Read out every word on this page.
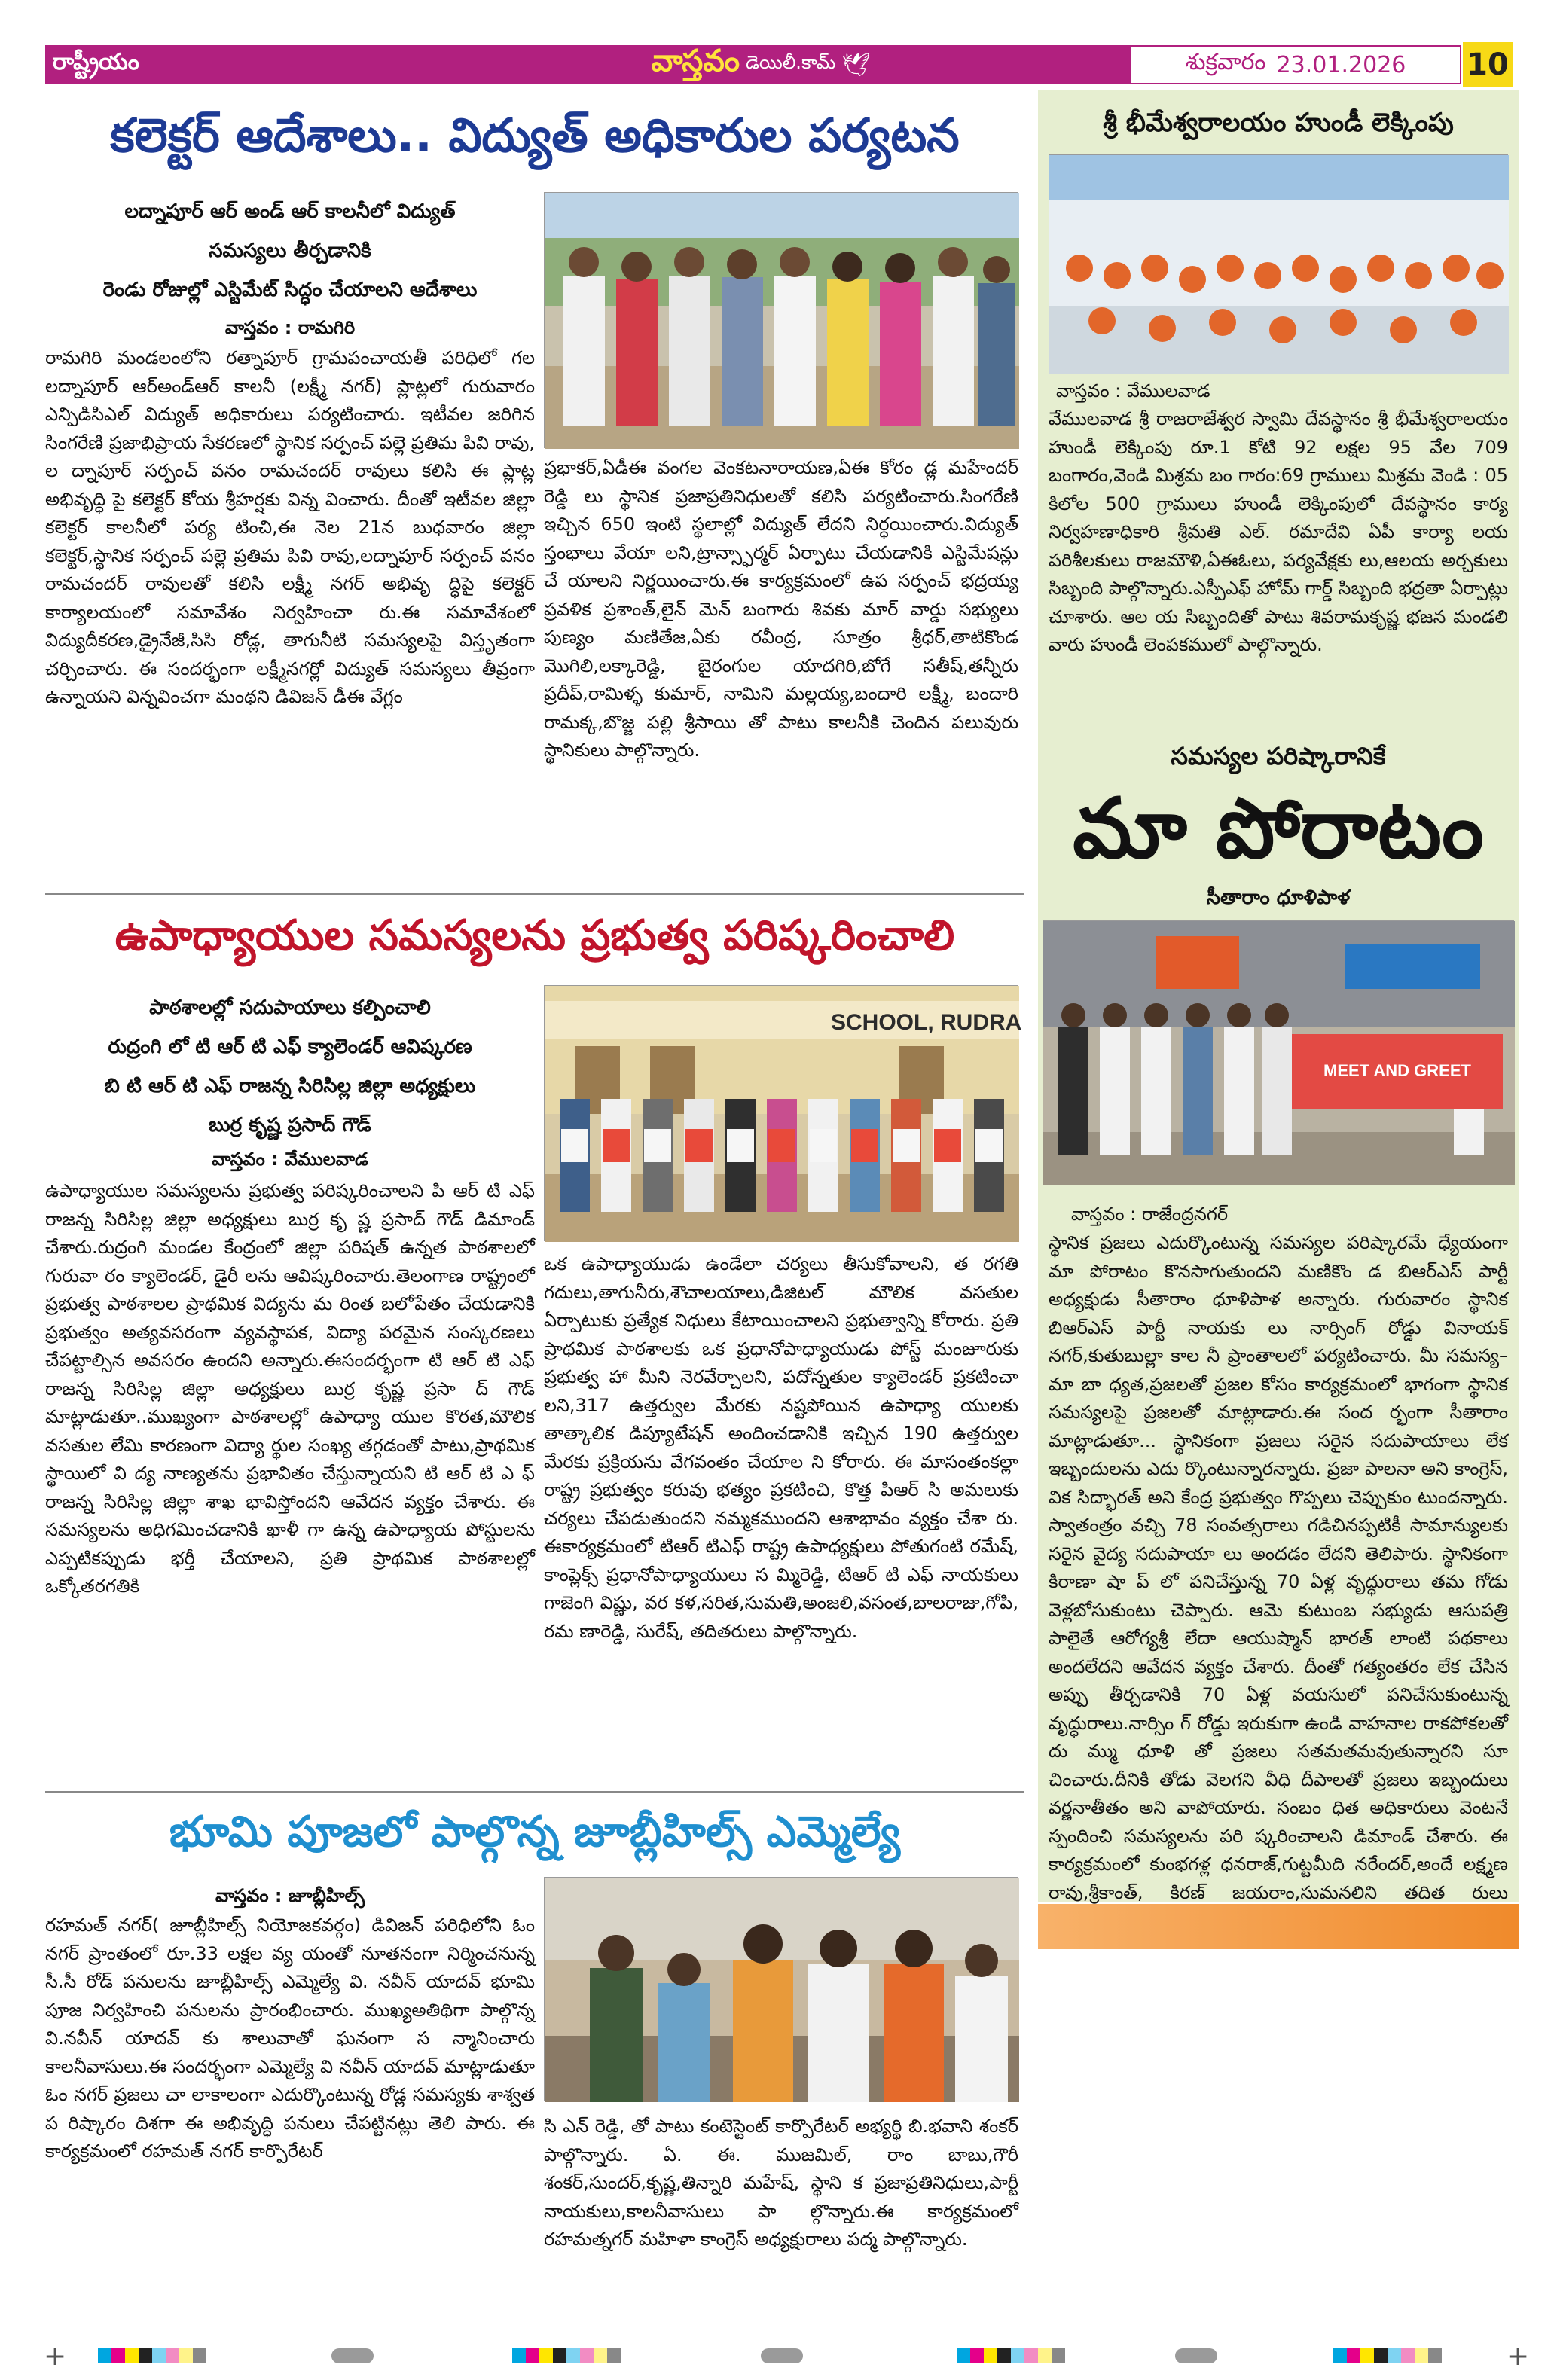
రాష్ట్రీయం	వాస్తవం డెయిలీ.కామ్ 🕊	శుక్రవారం 23.01.2026 10
కలెక్టర్ ఆదేశాలు.. విద్యుత్ అధికారుల పర్యటన
లద్నాపూర్ ఆర్ అండ్ ఆర్ కాలనీలో విద్యుత్
సమస్యలు తీర్చడానికి
రెండు రోజుల్లో ఎస్టిమేట్ సిద్ధం చేయాలని ఆదేశాలు
వాస్తవం : రామగిరి
రామగిరి మండలంలోని రత్నాపూర్ గ్రామపంచాయతీ పరిధిలో గల లద్నాపూర్ ఆర్అండ్ఆర్ కాలనీ (లక్ష్మీ నగర్) ప్లాట్లలో గురువారం ఎన్పిడిసిఎల్ విద్యుత్ అధికారులు పర్యటించారు. ఇటీవల జరిగిన సింగరేణి ప్రజాభిప్రాయ సేకరణలో స్థానిక సర్పంచ్ పల్లె ప్రతిమ పివి రావు, ల ద్నాపూర్ సర్పంచ్ వనం రామచందర్ రావులు కలిసి ఈ ప్లాట్ల అభివృద్ధి పై కలెక్టర్ కోయ శ్రీహర్షకు విన్న వించారు. దీంతో ఇటీవల జిల్లా కలెక్టర్ కాలనీలో పర్య టించి,ఈ నెల 21న బుధవారం జిల్లా కలెక్టర్,స్థానిక సర్పంచ్ పల్లె ప్రతిమ పివి రావు,లద్నాపూర్ సర్పంచ్ వనం రామచందర్ రావులతో కలిసి లక్ష్మీ నగర్ అభివృ ద్ధిపై కలెక్టర్ కార్యాలయంలో సమావేశం నిర్వహించా రు.ఈ సమావేశంలో విద్యుదీకరణ,డ్రైనేజీ,సిసి రోడ్ల, తాగునీటి సమస్యలపై విస్తృతంగా చర్చించారు. ఈ సందర్భంగా లక్ష్మీనగర్లో విద్యుత్ సమస్యలు తీవ్రంగా ఉన్నాయని విన్నవించగా మంథని డివిజన్ డీఈ వేగ్లం
ప్రభాకర్,ఏడీఈ వంగల వెంకటనారాయణ,ఏఈ కోరం డ్ల మహేందర్ రెడ్డి లు స్థానిక ప్రజాప్రతినిధులతో కలిసి పర్యటించారు.సింగరేణి ఇచ్చిన 650 ఇంటి స్థలాల్లో విద్యుత్ లేదని నిర్ధయించారు.విద్యుత్ స్తంభాలు వేయా లని,ట్రాన్స్ఫార్మర్ ఏర్పాటు చేయడానికి ఎస్టిమేషన్లు చే యాలని నిర్ణయించారు.ఈ కార్యక్రమంలో ఉప సర్పంచ్ భద్రయ్య ప్రవళిక ప్రశాంత్,లైన్ మెన్ బంగారు శివకు మార్ వార్డు సభ్యులు పుణ్యం మణితేజ,ఏకు రవీంద్ర, సూత్రం శ్రీధర్,తాటికొండ మొగిలి,లక్కారెడ్డి, బైరంగుల యాదగిరి,బోగే సతీష్,తన్నీరు ప్రదీప్,రామిళ్ళ కుమార్, నామిని మల్లయ్య,బందారి లక్ష్మీ, బందారి రామక్క,బొజ్జ పల్లి శ్రీసాయి తో పాటు కాలనీకి చెందిన పలువురు స్థానికులు పాల్గొన్నారు.
ఉపాధ్యాయుల సమస్యలను ప్రభుత్వ పరిష్కరించాలి
పాఠశాలల్లో సదుపాయాలు కల్పించాలి
రుద్రంగి లో టి ఆర్ టి ఎఫ్ క్యాలెండర్ ఆవిష్కరణ
బి టి ఆర్ టి ఎఫ్ రాజన్న సిరిసిల్ల జిల్లా అధ్యక్షులు
బుర్ర కృష్ణ ప్రసాద్ గౌడ్
వాస్తవం : వేములవాడ
ఉపాధ్యాయుల సమస్యలను ప్రభుత్వ పరిష్కరించాలని పి ఆర్ టి ఎఫ్ రాజన్న సిరిసిల్ల జిల్లా అధ్యక్షులు బుర్ర కృ ష్ణ ప్రసాద్ గౌడ్ డిమాండ్ చేశారు.రుద్రంగి మండల కేంద్రంలో జిల్లా పరిషత్ ఉన్నత పాఠశాలలో గురువా రం క్యాలెండర్, డైరీ లను ఆవిష్కరించారు.తెలంగాణ రాష్ట్రంలో ప్రభుత్వ పాఠశాలల ప్రాథమిక విద్యను మ రింత బలోపేతం చేయడానికి ప్రభుత్వం అత్యవసరంగా వ్యవస్థాపక, విద్యా పరమైన సంస్కరణలు చేపట్టాల్సిన అవసరం ఉందని అన్నారు.ఈసందర్భంగా టి ఆర్ టి ఎఫ్ రాజన్న సిరిసిల్ల జిల్లా అధ్యక్షులు బుర్ర కృష్ణ ప్రసా ద్ గౌడ్ మాట్లాడుతూ..ముఖ్యంగా పాఠశాలల్లో ఉపాధ్యా యుల కొరత,మౌలిక వసతుల లేమి కారణంగా విద్యా ర్థుల సంఖ్య తగ్గడంతో పాటు,ప్రాథమిక స్థాయిలో వి ద్య నాణ్యతను ప్రభావితం చేస్తున్నాయని టి ఆర్ టి ఎ ఫ్ రాజన్న సిరిసిల్ల జిల్లా శాఖ భావిస్తోందని ఆవేదన వ్యక్తం చేశారు. ఈ సమస్యలను అధిగమించడానికి ఖాళీ గా ఉన్న ఉపాధ్యాయ పోస్టులను ఎప్పటికప్పుడు భర్తీ చేయాలని, ప్రతి ప్రాథమిక పాఠశాలల్లో ఒక్కోతరగతికి
SCHOOL, RUDRA
ఒక ఉపాధ్యాయుడు ఉండేలా చర్యలు తీసుకోవాలని, త రగతి గదులు,తాగునీరు,శౌచాలయాలు,డిజిటల్ మౌలిక వసతుల ఏర్పాటుకు ప్రత్యేక నిధులు కేటాయించాలని ప్రభుత్వాన్ని కోరారు. ప్రతి ప్రాథమిక పాఠశాలకు ఒక ప్రధానోపాధ్యాయుడు పోస్ట్ మంజూరుకు ప్రభుత్వ హా మీని నెరవేర్చాలని, పదోన్నతుల క్యాలెండర్ ప్రకటించా లని,317 ఉత్తర్వుల మేరకు నష్టపోయిన ఉపాధ్యా యులకు తాత్కాలిక డిప్యూటేషన్ అందించడానికి ఇచ్చిన 190 ఉత్తర్వుల మేరకు ప్రక్రియను వేగవంతం చేయాల ని కోరారు. ఈ మాసంతంకల్లా రాష్ట్ర ప్రభుత్వం కరువు భత్యం ప్రకటించి, కొత్త పిఆర్ సి అమలుకు చర్యలు చేపడుతుందని నమ్మకముందని ఆశాభావం వ్యక్తం చేశా రు. ఈకార్యక్రమంలో టిఆర్ టిఎఫ్ రాష్ట్ర ఉపాధ్యక్షులు పోతుగంటి రమేష్, కాంప్లెక్స్ ప్రధానోపాధ్యాయులు స మ్మిరెడ్డి, టిఆర్ టి ఎఫ్ నాయకులు గాజెంగి విష్ణు, వర కళ,సరిత,సుమతి,అంజలి,వసంత,బాలరాజు,గోపి, రమ ణారెడ్డి, సురేష్, తదితరులు పాల్గొన్నారు.
భూమి పూజలో పాల్గొన్న జూబ్లీహిల్స్ ఎమ్మెల్యే
వాస్తవం : జూబ్లీహిల్స్
రహమత్ నగర్( జూబ్లీహిల్స్ నియోజకవర్గం) డివిజన్ పరిధిలోని ఓం నగర్ ప్రాంతంలో రూ.33 లక్షల వ్య యంతో నూతనంగా నిర్మించనున్న సీ.సీ రోడ్ పనులను జూబ్లీహిల్స్ ఎమ్మెల్యే వి. నవీన్ యాదవ్ భూమి పూజ నిర్వహించి పనులను ప్రారంభించారు. ముఖ్యఅతిథిగా పాల్గొన్న వి.నవీన్ యాదవ్ కు శాలువాతో ఘనంగా స న్మానించారు కాలనీవాసులు.ఈ సందర్భంగా ఎమ్మెల్యే వి నవీన్ యాదవ్ మాట్లాడుతూ ఓం నగర్ ప్రజలు చా లాకాలంగా ఎదుర్కొంటున్న రోడ్ల సమస్యకు శాశ్వత ప రిష్కారం దిశగా ఈ అభివృద్ధి పనులు చేపట్టినట్లు తెలి పారు. ఈ కార్యక్రమంలో రహమత్ నగర్ కార్పొరేటర్
సి ఎన్ రెడ్డి, తో పాటు కంటెస్టెంట్ కార్పొరేటర్ అభ్యర్థి బి.భవాని శంకర్ పాల్గొన్నారు. ఏ. ఈ. ముజమిల్, రాం బాబు,గౌరీ శంకర్,సుందర్,కృష్ణ,తిన్నారి మహేష్, స్థాని క ప్రజాప్రతినిధులు,పార్టీ నాయకులు,కాలనీవాసులు పా ల్గొన్నారు.ఈ కార్యక్రమంలో రహమత్నగర్ మహిళా కాంగ్రెస్ అధ్యక్షురాలు పద్మ పాల్గొన్నారు.
శ్రీ భీమేశ్వరాలయం హుండీ లెక్కింపు
వాస్తవం : వేములవాడ
వేములవాడ శ్రీ రాజరాజేశ్వర స్వామి దేవస్థానం శ్రీ భీమేశ్వరాలయం హుండీ లెక్కింపు రూ.1 కోటి 92 లక్షల 95 వేల 709 బంగారం,వెండి మిశ్రమ బం గారం:69 గ్రాములు మిశ్రమ వెండి : 05 కిలోల 500 గ్రాములు హుండీ లెక్కింపులో దేవస్థానం కార్య నిర్వహణాధికారి శ్రీమతి ఎల్. రమాదేవి ఏపీ కార్యా లయ పరిశీలకులు రాజమౌళి,ఏఈఓలు, పర్యవేక్షకు లు,ఆలయ అర్చకులు సిబ్బంది పాల్గొన్నారు.ఎస్పీఎఫ్ హోమ్ గార్డ్ సిబ్బంది భద్రతా ఏర్పాట్లు చూశారు. ఆల య సిబ్బందితో పాటు శివరామకృష్ణ భజన మండలి వారు హుండీ లెంపకములో పాల్గొన్నారు.
సమస్యల పరిష్కారానికే
మా పోరాటం
సీతారాం ధూళిపాళ
MEET AND GREET
వాస్తవం : రాజేంద్రనగర్
స్థానిక ప్రజలు ఎదుర్కొంటున్న సమస్యల పరిష్కారమే ధ్యేయంగా మా పోరాటం కొనసాగుతుందని మణికొం డ బిఆర్ఎస్ పార్టీ అధ్యక్షుడు సీతారాం ధూళిపాళ అన్నారు. గురువారం స్థానిక బిఆర్ఎస్ పార్టీ నాయకు లు నార్సింగ్ రోడ్డు వినాయక్ నగర్,కుతుబుల్లా కాల నీ ప్రాంతాలలో పర్యటించారు. మీ సమస్య– మా బా ధ్యత,ప్రజలతో ప్రజల కోసం కార్యక్రమంలో భాగంగా స్థానిక సమస్యలపై ప్రజలతో మాట్లాడారు.ఈ సంద ర్భంగా సీతారాం మాట్లాడుతూ... స్థానికంగా ప్రజలు సరైన సదుపాయాలు లేక ఇబ్బందులను ఎదు ర్కొంటున్నారన్నారు. ప్రజా పాలనా అని కాంగ్రెస్, విక సిద్భారత్ అని కేంద్ర ప్రభుత్వం గొప్పలు చెప్పుకుం టుందన్నారు. స్వాతంత్రం వచ్చి 78 సంవత్సరాలు గడిచినప్పటికీ సామాన్యులకు సరైన వైద్య సదుపాయా లు అందడం లేదని తెలిపారు. స్థానికంగా కిరాణా షా ప్ లో పనిచేస్తున్న 70 ఏళ్ల వృద్ధురాలు తమ గోడు వెళ్లబోసుకుంటు చెప్పారు. ఆమె కుటుంబ సభ్యుడు ఆసుపత్రి పాలైతే ఆరోగ్యశ్రీ లేదా ఆయుష్మాన్ భారత్ లాంటి పథకాలు అందలేదని ఆవేదన వ్యక్తం చేశారు. దీంతో గత్యంతరం లేక చేసిన అప్పు తీర్చడానికి 70 ఏళ్ల వయసులో పనిచేసుకుంటున్న వృద్ధురాలు.నార్సిం గ్ రోడ్డు ఇరుకుగా ఉండి వాహనాల రాకపోకలతో దు మ్ము ధూళి తో ప్రజలు సతమతమవుతున్నారని సూ చించారు.దీనికి తోడు వెలగని వీధి దీపాలతో ప్రజలు ఇబ్బందులు వర్ణనాతీతం అని వాపోయారు. సంబం ధిత అధికారులు వెంటనే స్పందించి సమస్యలను పరి ష్కరించాలని డిమాండ్ చేశారు. ఈ కార్యక్రమంలో కుంభగళ్ల ధనరాజ్,గుట్టమీది నరేందర్,అందే లక్ష్మణ రావు,శ్రీకాంత్, కిరణ్ జయరాం,సుమనలిని తదిత రులు
+	+
